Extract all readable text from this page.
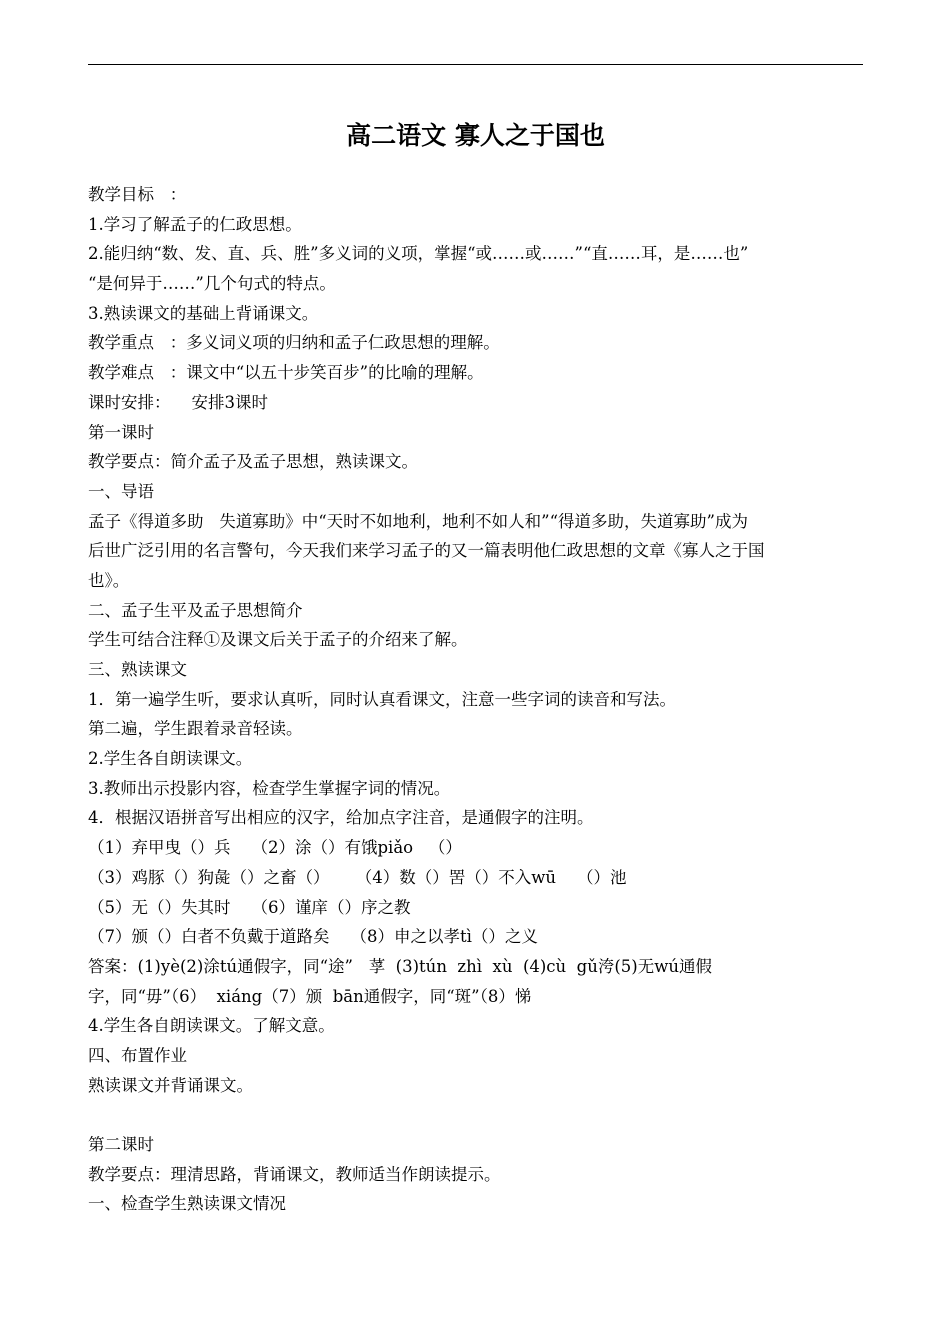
高二语文 寡人之于国也
教学目标   ：
1.学习了解孟子的仁政思想。
2.能归纳“数、发、直、兵、胜”多义词的义项，掌握“或……或……”“直……耳，是……也”
“是何异于……”几个句式的特点。
3.熟读课文的基础上背诵课文。
教学重点   ：多义词义项的归纳和孟子仁政思想的理解。
教学难点   ：课文中“以五十步笑百步”的比喻的理解。
课时安排：    安排3课时
第一课时
教学要点：简介孟子及孟子思想，熟读课文。
一、导语
孟子《得道多助   失道寡助》中“天时不如地利，地利不如人和”“得道多助，失道寡助”成为
后世广泛引用的名言警句，今天我们来学习孟子的又一篇表明他仁政思想的文章《寡人之于国
也》。
二、孟子生平及孟子思想简介
学生可结合注释①及课文后关于孟子的介绍来了解。
三、熟读课文
1．第一遍学生听，要求认真听，同时认真看课文，注意一些字词的读音和写法。
第二遍，学生跟着录音轻读。
2.学生各自朗读课文。
3.教师出示投影内容，检查学生掌握字词的情况。
4．根据汉语拼音写出相应的汉字，给加点字注音，是通假字的注明。
（1）弃甲曳（）兵    （2）涂（）有饿piǎo   （）
（3）鸡豚（）狗彘（）之畜（）     （4）数（）罟（）不入wū    （）池
（5）无（）失其时    （6）谨庠（）序之教
（7）颁（）白者不负戴于道路矣    （8）申之以孝tì（）之义
答案：(1)yè(2)涂tú通假字，同“途”   莩  (3)tún  zhì  xù  (4)cù  gǔ洿(5)无wú通假
字，同“毋”（6）  xiáng（7）颁  bān通假字，同“斑”（8）悌
4.学生各自朗读课文。了解文意。
四、布置作业
熟读课文并背诵课文。
第二课时
教学要点：理清思路，背诵课文，教师适当作朗读提示。
一、检查学生熟读课文情况
